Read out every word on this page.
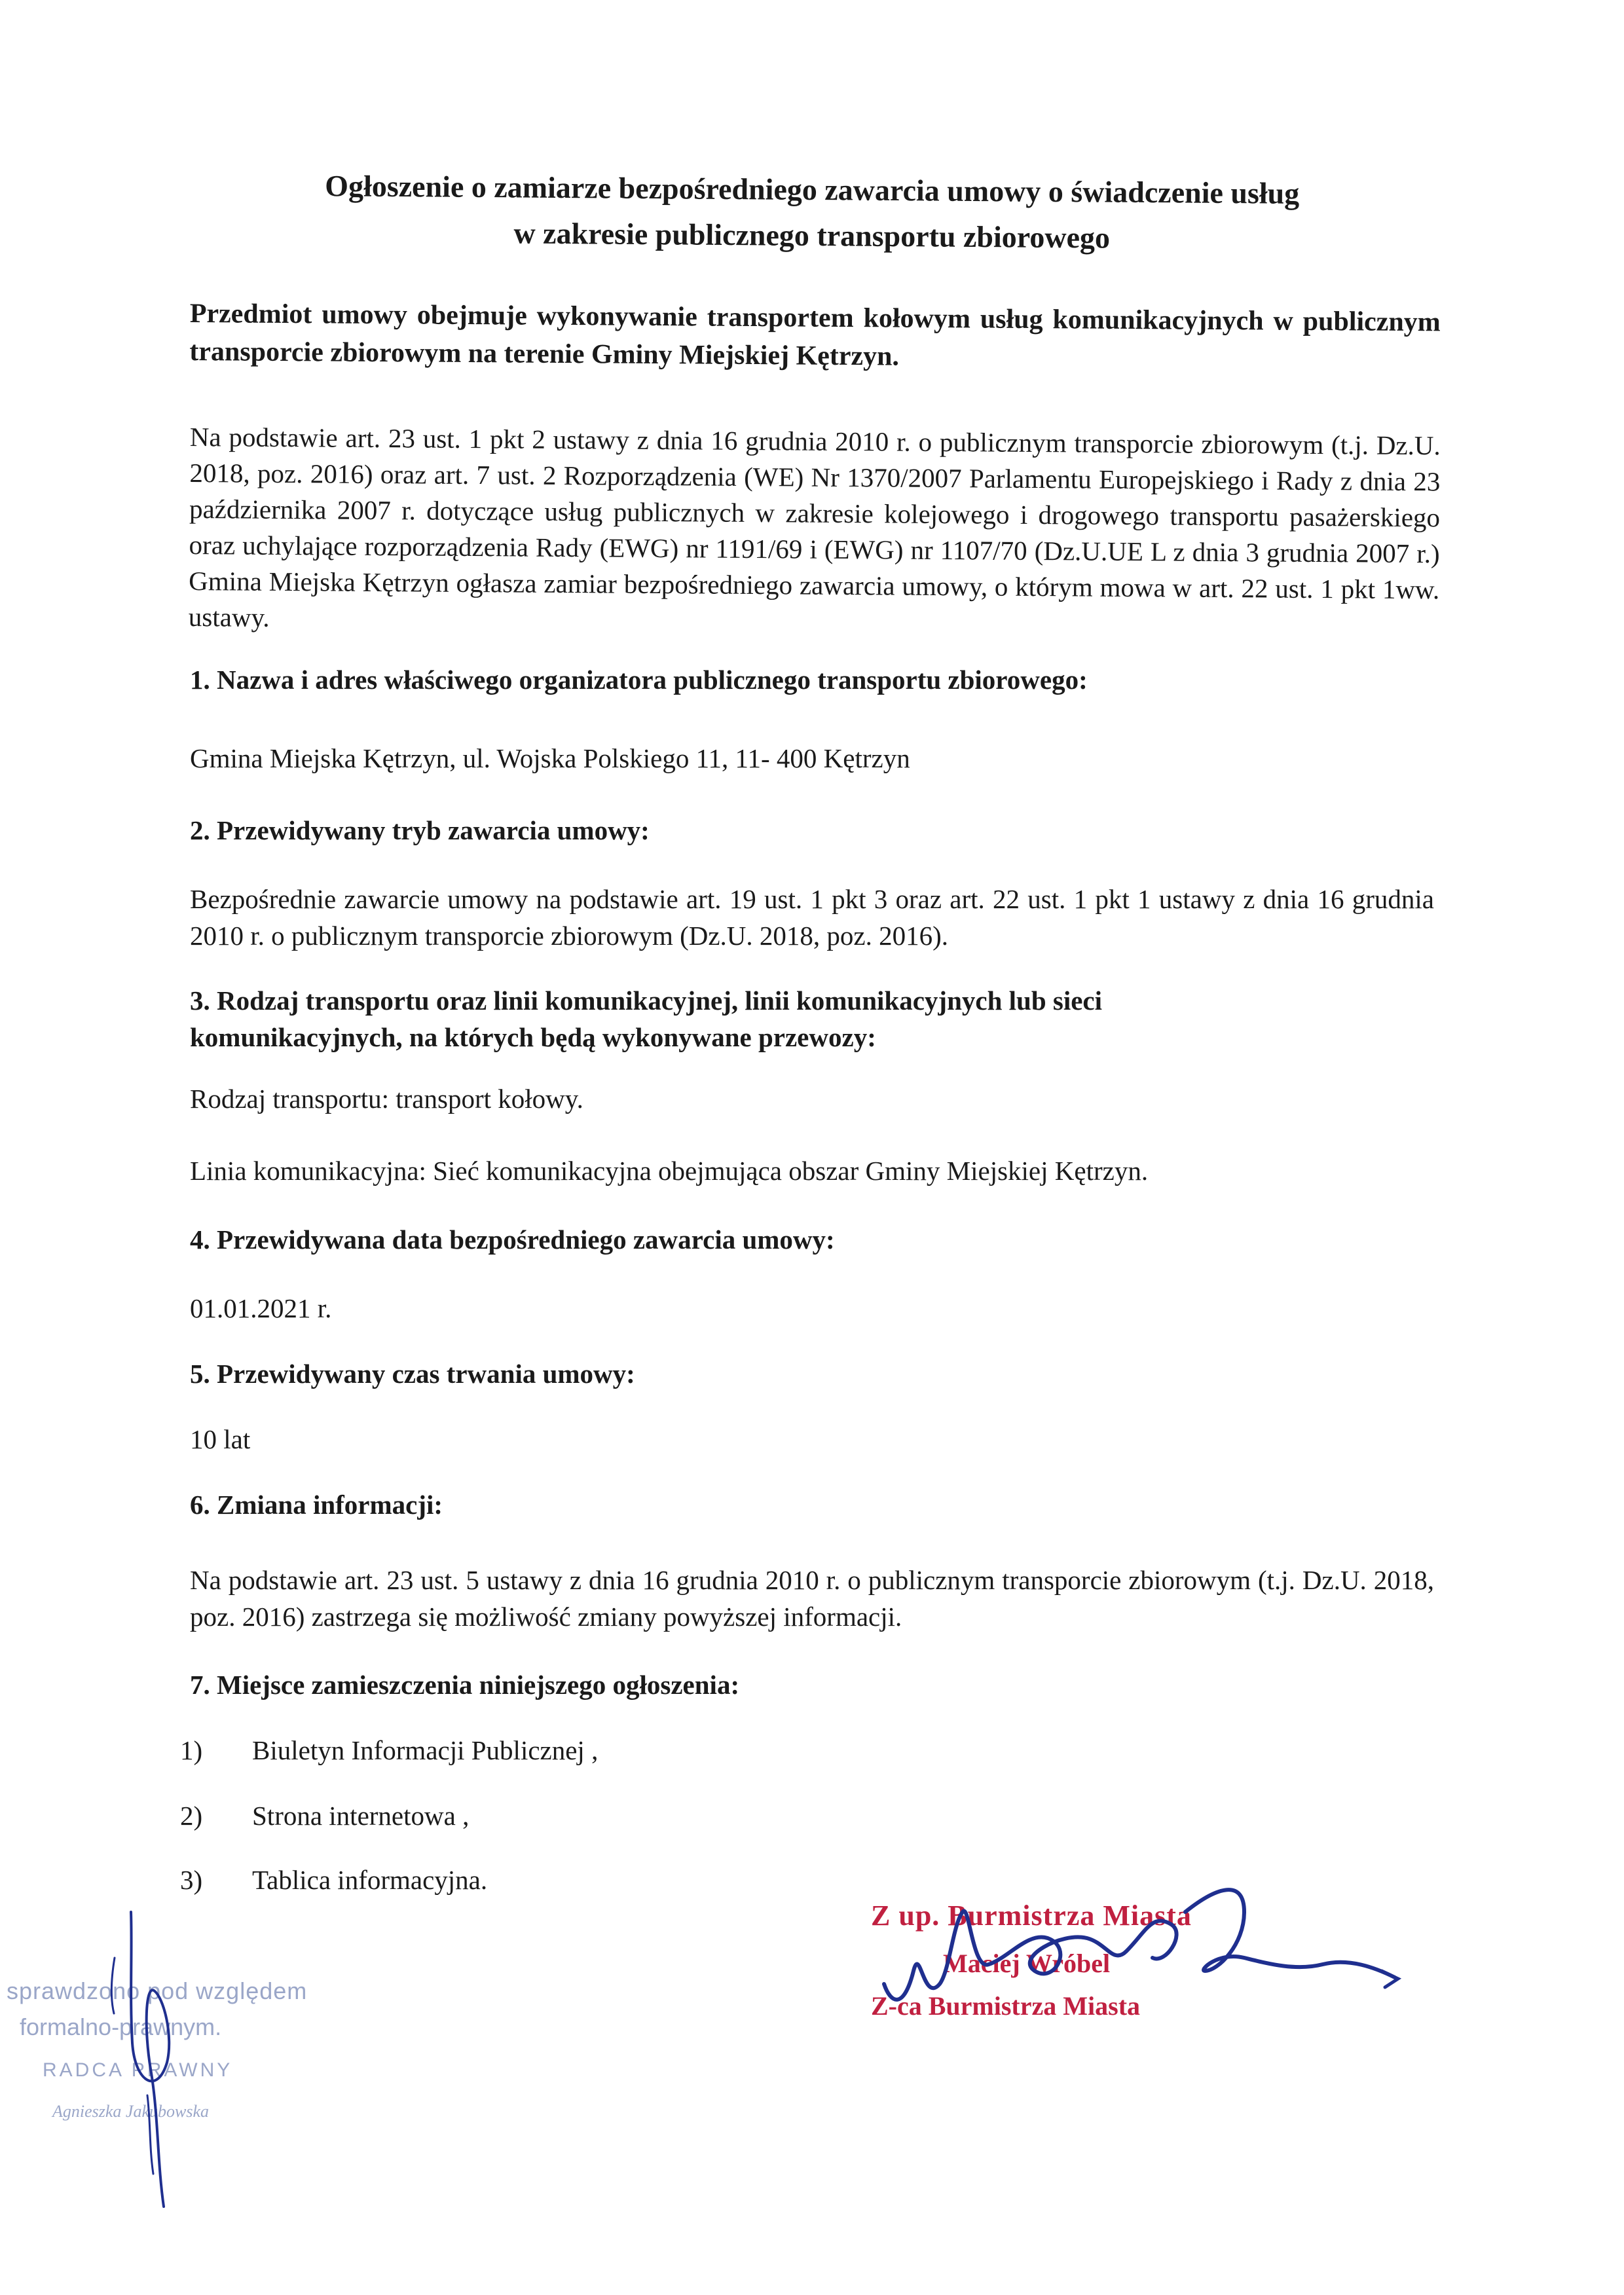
Ogłoszenie o zamiarze bezpośredniego zawarcia umowy o świadczenie usług
w zakresie publicznego transportu zbiorowego
Przedmiot umowy obejmuje wykonywanie transportem kołowym usług komunikacyjnych w publicznym transporcie zbiorowym na terenie Gminy Miejskiej Kętrzyn.
Na podstawie art. 23 ust. 1 pkt 2 ustawy z dnia 16 grudnia 2010 r. o publicznym transporcie zbiorowym (t.j. Dz.U. 2018, poz. 2016) oraz art. 7 ust. 2 Rozporządzenia (WE) Nr 1370/2007 Parlamentu Europejskiego i Rady z dnia 23 października 2007 r. dotyczące usług publicznych w zakresie kolejowego i drogowego transportu pasażerskiego oraz uchylające rozporządzenia Rady (EWG) nr 1191/69 i (EWG) nr 1107/70 (Dz.U.UE L z dnia 3 grudnia 2007 r.) Gmina Miejska Kętrzyn ogłasza zamiar bezpośredniego zawarcia umowy, o którym mowa w art. 22 ust. 1 pkt 1ww. ustawy.
1. Nazwa i adres właściwego organizatora publicznego transportu zbiorowego:
Gmina Miejska Kętrzyn, ul. Wojska Polskiego 11, 11- 400 Kętrzyn
2. Przewidywany tryb zawarcia umowy:
Bezpośrednie zawarcie umowy na podstawie art. 19 ust. 1 pkt 3 oraz art. 22 ust. 1 pkt 1 ustawy z dnia 16 grudnia 2010 r. o publicznym transporcie zbiorowym (Dz.U. 2018, poz. 2016).
3. Rodzaj transportu oraz linii komunikacyjnej, linii komunikacyjnych lub sieci komunikacyjnych, na których będą wykonywane przewozy:
Rodzaj transportu: transport kołowy.
Linia komunikacyjna: Sieć komunikacyjna obejmująca obszar Gminy Miejskiej Kętrzyn.
4. Przewidywana data bezpośredniego zawarcia umowy:
01.01.2021 r.
5. Przewidywany czas trwania umowy:
10 lat
6. Zmiana informacji:
Na podstawie art. 23 ust. 5 ustawy z dnia 16 grudnia 2010 r. o publicznym transporcie zbiorowym (t.j. Dz.U. 2018, poz. 2016) zastrzega się możliwość zmiany powyższej informacji.
7. Miejsce zamieszczenia niniejszego ogłoszenia:
1) Biuletyn Informacji Publicznej ,
2) Strona internetowa ,
3) Tablica informacyjna.
sprawdzono pod względem
formalno-prawnym.
RADCA PRAWNY
Agnieszka Jakubowska
Z up. Burmistrza Miasta
Maciej Wróbel
Z-ca Burmistrza Miasta
